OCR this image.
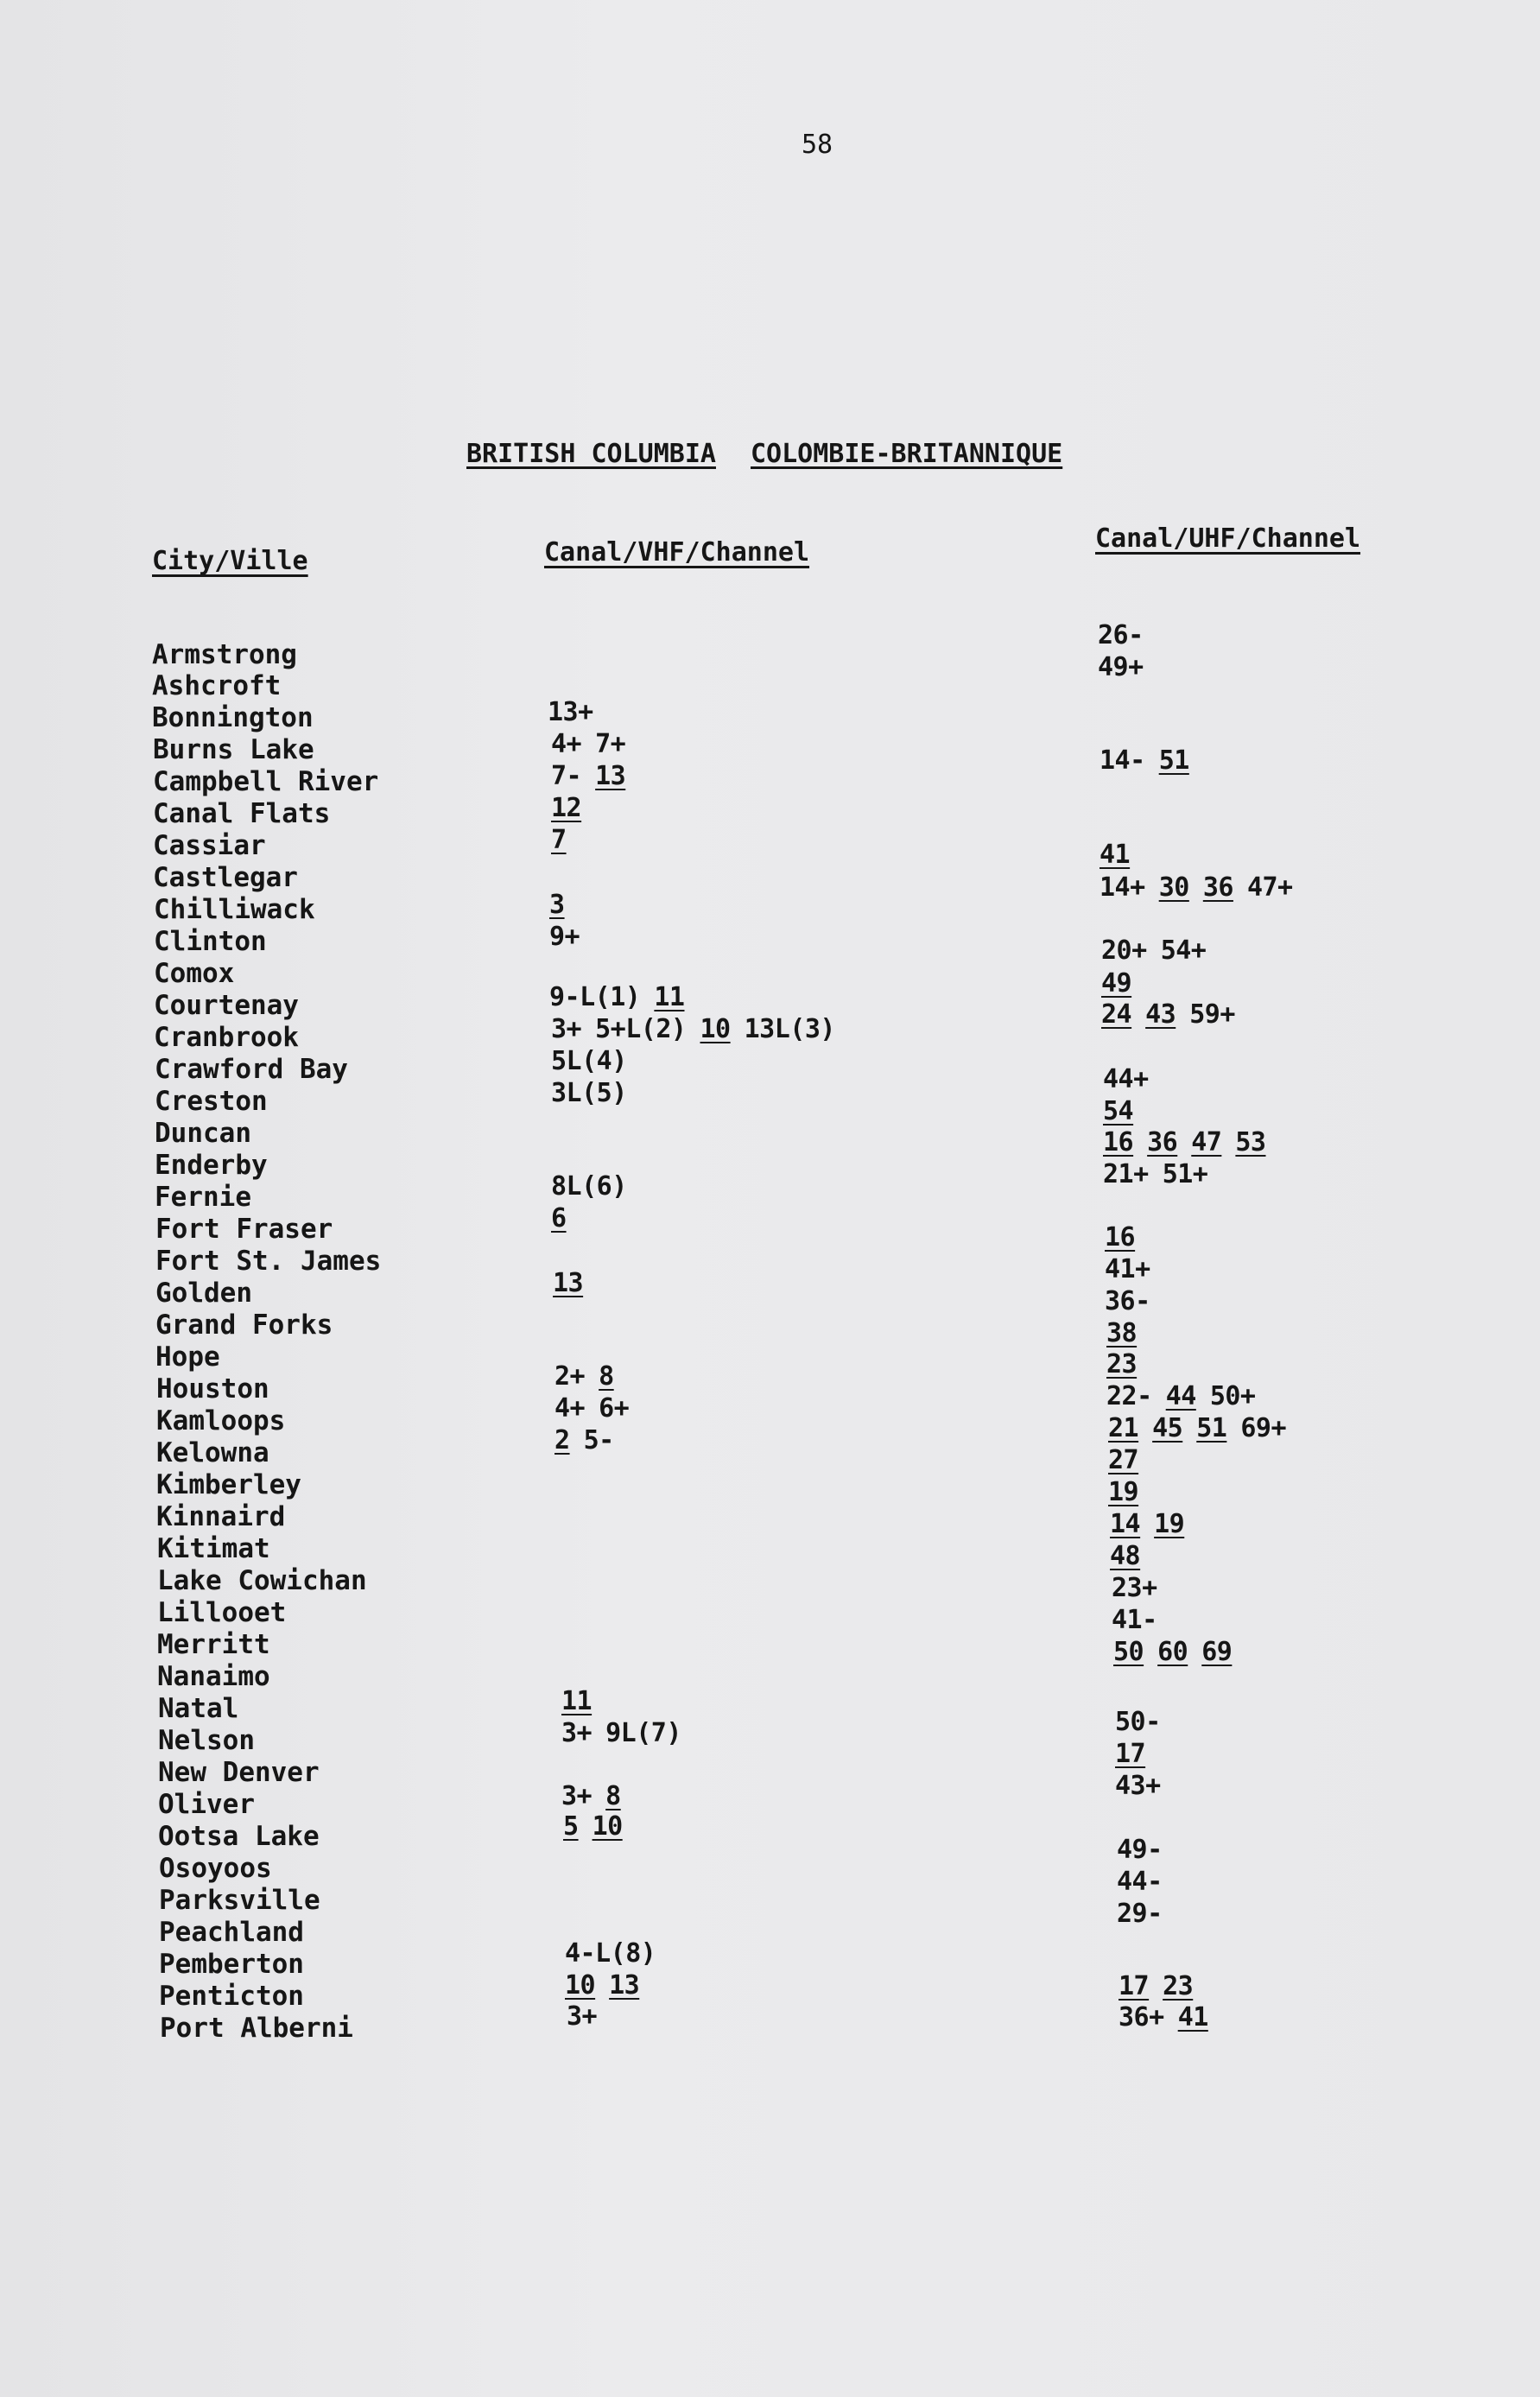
58
BRITISH COLUMBIA COLOMBIE-BRITANNIQUE
City/Ville	Canal/VHF/Channel	Canal/UHF/Channel
Armstrong
Ashcroft
Bonnington
Burns Lake
Campbell River
Canal Flats
Cassiar
Castlegar
Chilliwack
Clinton
Comox
Courtenay
Cranbrook
Crawford Bay
Creston
Duncan
Enderby
Fernie
Fort Fraser
Fort St. James
Golden
Grand Forks
Hope
Houston
Kamloops
Kelowna
Kimberley
Kinnaird
Kitimat
Lake Cowichan
Lillooet
Merritt
Nanaimo
Natal
Nelson
New Denver
Oliver
Ootsa Lake
Osoyoos
Parksville
Peachland
Pemberton
Penticton
Port Alberni
13+
4+ 7+
7- 13
12
7
3
9+
9-L(1) 11
3+ 5+L(2) 10 13L(3)
5L(4)
3L(5)
8L(6)
6
13
2+ 8
4+ 6+
2 5-
11
3+ 9L(7)
3+ 8
5 10
4-L(8)
10 13
3+
26-
49+
14- 51
41
14+ 30 36 47+
20+ 54+
49
24 43 59+
44+
54
16 36 47 53
21+ 51+
16
41+
36-
38
23
22- 44 50+
21 45 51 69+
27
19
14 19
48
23+
41-
50 60 69
50-
17
43+
49-
44-
29-
17 23
36+ 41
